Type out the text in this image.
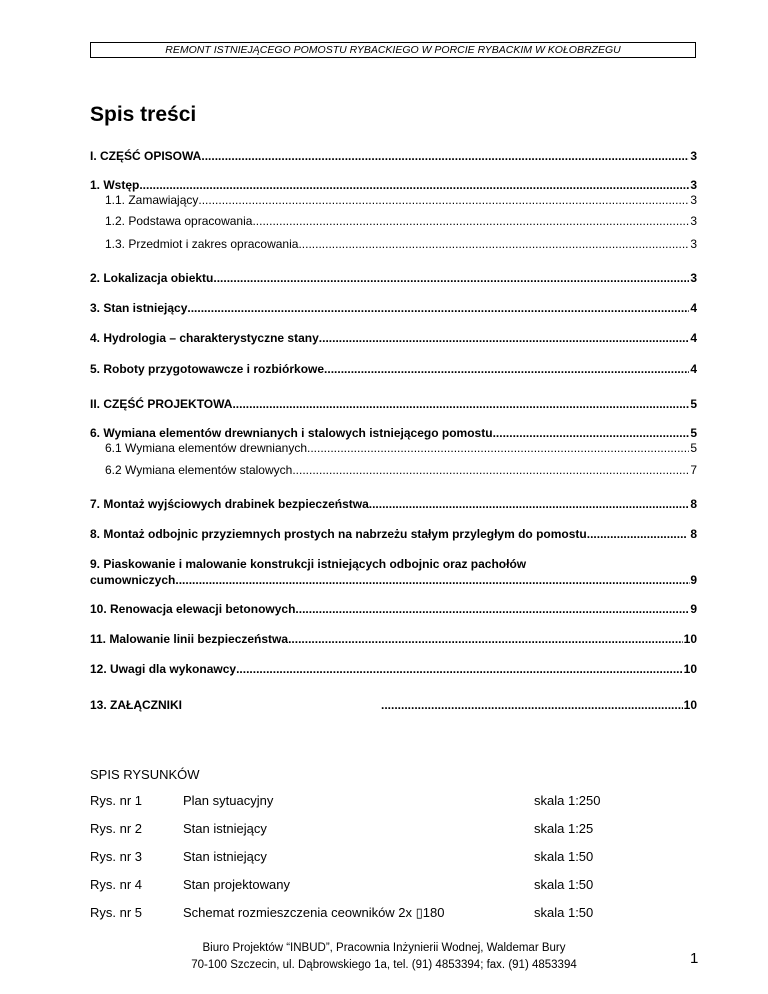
REMONT ISTNIEJĄCEGO POMOSTU RYBACKIEGO W PORCIE RYBACKIM W KOŁOBRZEGU
Spis treści
I. CZĘŚĆ OPISOWA .....	3
1. Wstęp .....	3
1.1. Zamawiający .....	3
1.2. Podstawa opracowania .....	3
1.3. Przedmiot i zakres opracowania .....	3
2. Lokalizacja obiektu. .....	3
3. Stan istniejący .....	4
4. Hydrologia – charakterystyczne stany .....	4
5. Roboty przygotowawcze i rozbiórkowe .....	4
II. CZĘŚĆ PROJEKTOWA .....	5
6. Wymiana elementów drewnianych i stalowych istniejącego pomostu .....	5
6.1 Wymiana elementów drewnianych .....	5
6.2 Wymiana elementów stalowych .....	7
7. Montaż wyjściowych drabinek bezpieczeństwa .....	8
8. Montaż odbojnic przyziemnych prostych na nabrzeżu stałym przyległym do pomostu .....	8
9. Piaskowanie i malowanie konstrukcji istniejących odbojnic oraz pachołów
cumowniczych .....	9
10. Renowacja elewacji betonowych .....	9
11. Malowanie linii bezpieczeństwa .....	10
12. Uwagi dla wykonawcy .....	10
13. ZAŁĄCZNIKI .....	10
SPIS RYSUNKÓW
Rys. nr 1	Plan sytuacyjny	skala 1:250
Rys. nr 2	Stan istniejący	skala 1:25
Rys. nr 3	Stan istniejący	skala 1:50
Rys. nr 4	Stan projektowany	skala 1:50
Rys. nr 5	Schemat rozmieszczenia ceowników 2x ▯180	skala 1:50
Biuro Projektów “INBUD”, Pracownia Inżynierii Wodnej, Waldemar Bury
70-100 Szczecin, ul. Dąbrowskiego 1a, tel. (91) 4853394; fax. (91) 4853394	1
